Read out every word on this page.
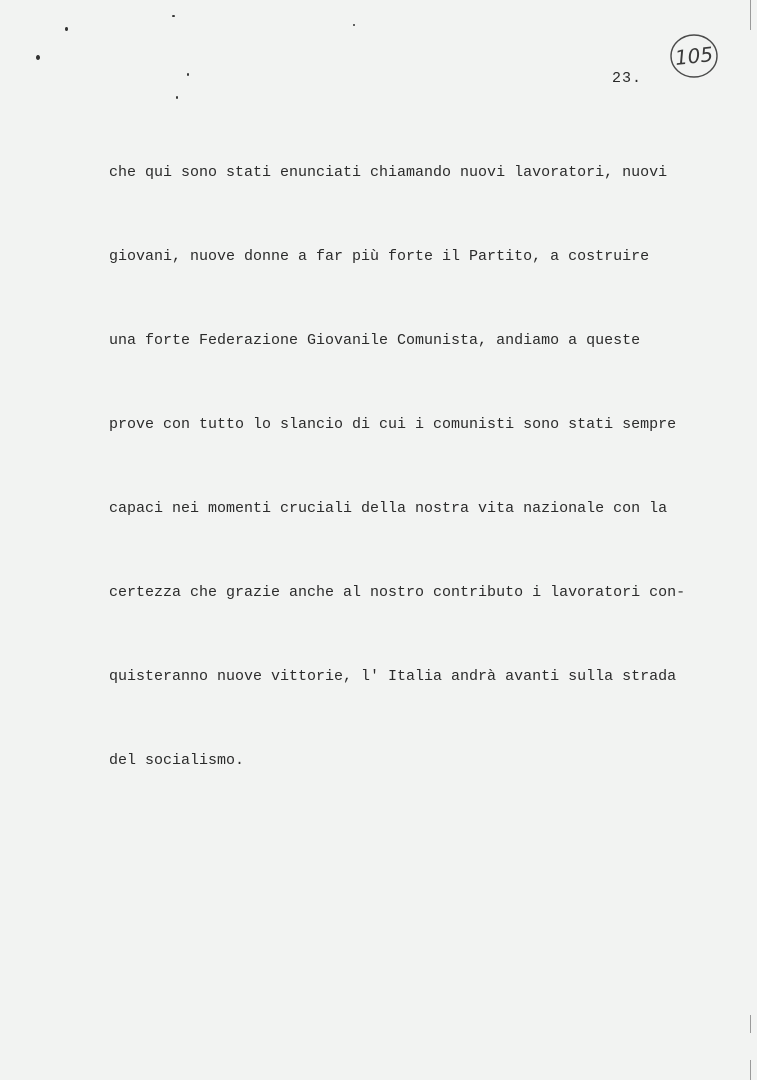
105
23.

che qui sono stati enunciati chiamando nuovi lavoratori, nuovi

giovani, nuove donne a far più forte il Partito, a costruire

una forte Federazione Giovanile Comunista, andiamo a queste

prove con tutto lo slancio di cui i comunisti sono stati sempre

capaci nei momenti cruciali della nostra vita nazionale con la

certezza che grazie anche al nostro contributo i lavoratori con-

quisteranno nuove vittorie, l' Italia andrà avanti sulla strada

del socialismo.
